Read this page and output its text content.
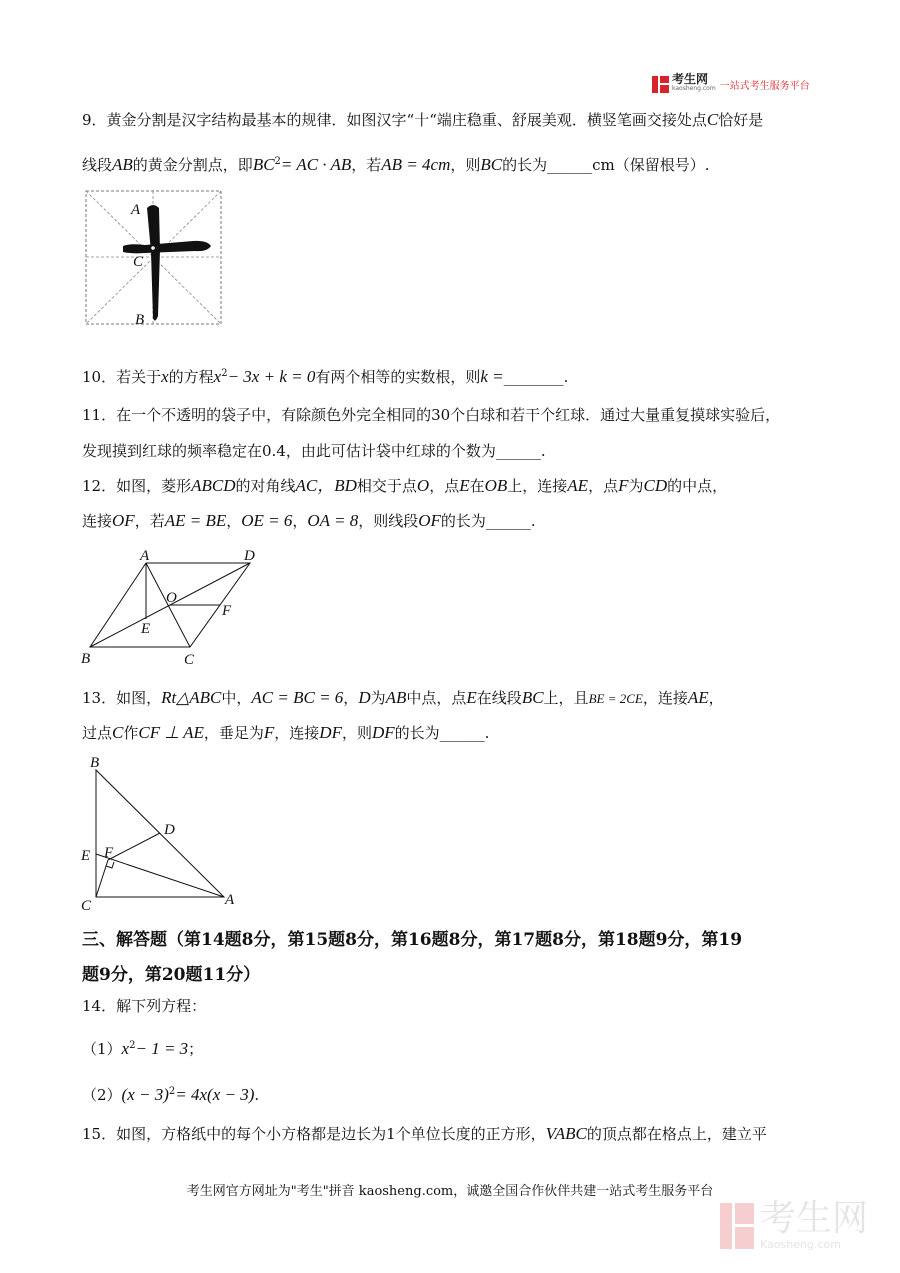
考生网
kaosheng.com 一站式考生服务平台
9．黄金分割是汉字结构最基本的规律．如图汉字“十“端庄稳重、舒展美观．横竖笔画交接处点C恰好是
线段AB的黄金分割点，即$BC^2=$ AC · AB，若AB = 4cm，则BC的长为______cm（保留根号）.
A
C
B
10．若关于x的方程$x^2- 3x + k = 0$有两个相等的实数根，则k =________.
11．在一个不透明的袋子中，有除颜色外完全相同的30个白球和若干个红球．通过大量重复摸球实验后，
发现摸到红球的频率稳定在0.4，由此可估计袋中红球的个数为______.
12．如图，菱形ABCD的对角线AC，BD相交于点O，点E在OB上，连接AE，点F为CD的中点，
连接OF，若AE = BE，OE = 6，OA = 8，则线段OF的长为______.
A	D
O
F
E
B	C
13．如图，Rt△ABC中，AC = BC = 6，D为AB中点，点E在线段BC上，且BE = 2CE，连接AE，
过点C作CF ⊥ AE，垂足为F，连接DF，则DF的长为______.
B
D
E F
C	A
三、解答题（第14题8分，第15题8分，第16题8分，第17题8分，第18题9分，第19
题9分，第20题11分）
14．解下列方程：
$(1)x^2- 1 = 3$；
$(2)(x - 3)^2= 4x(x - 3)$.
15．如图，方格纸中的每个小方格都是边长为1个单位长度的正方形，VABC的顶点都在格点上，建立平
考生网官方网址为"考生"拼音 kaosheng.com，诚邀全国合作伙伴共建一站式考生服务平台
考生网
Kaosheng.com
